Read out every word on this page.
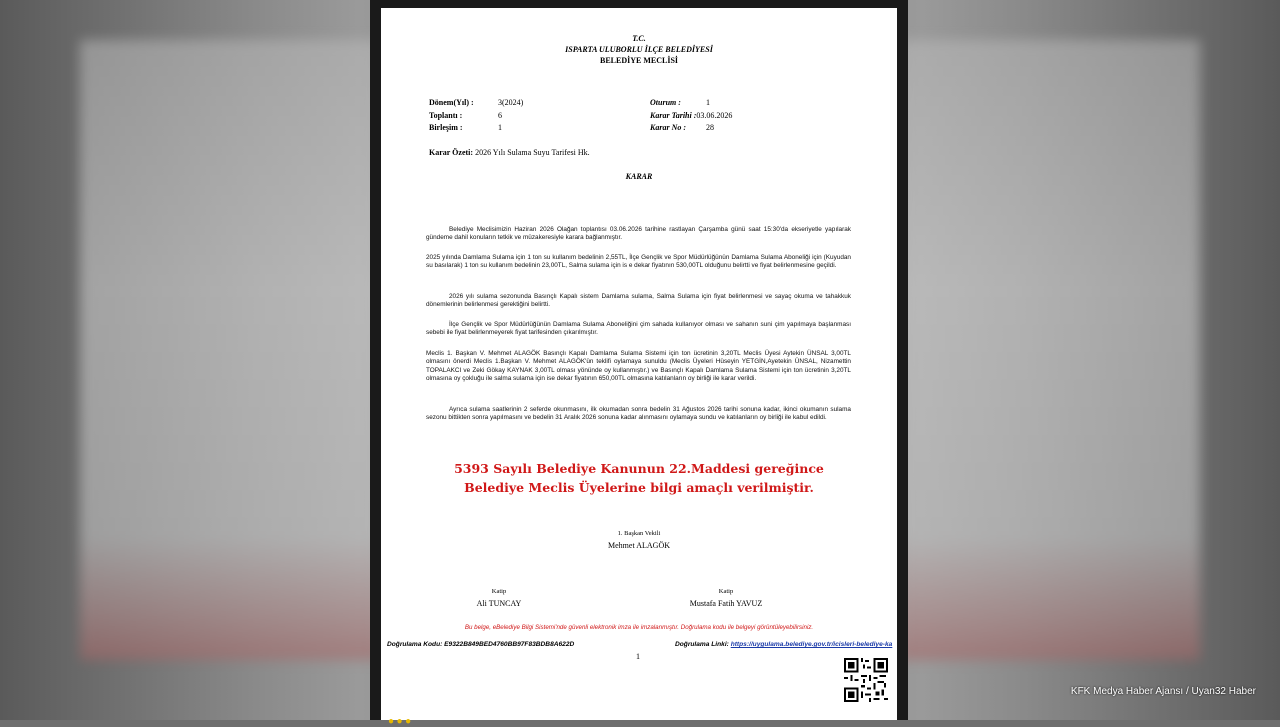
T.C.
ISPARTA ULUBORLU İLÇE BELEDİYESİ
BELEDİYE MECLİSİ
Dönem(Yıl) :	3(2024)
Toplantı :	6
Birleşim :	1
Oturum :	1
Karar Tarihi :03.06.2026
Karar No : 28
Karar Özeti: 2026 Yılı Sulama Suyu Tarifesi Hk.
KARAR
Belediye Meclisimizin Haziran 2026 Olağan toplantısı 03.06.2026 tarihine rastlayan Çarşamba günü saat 15:30'da ekseriyetle yapılarak gündeme dahil konuların tetkik ve müzakeresiyle karara bağlanmıştır.
2025 yılında Damlama Sulama için 1 ton su kullanım bedelinin 2,55TL, İlçe Gençlik ve Spor Müdürlüğünün Damlama Sulama Aboneliği için (Kuyudan su basılarak) 1 ton su kullanım bedelinin 23,00TL, Salma sulama için is e dekar fiyatının 530,00TL olduğunu belirtti ve fiyat belirlenmesine geçildi.
2026 yılı sulama sezonunda Basınçlı Kapalı sistem Damlama sulama, Salma Sulama için fiyat belirlenmesi ve sayaç okuma ve tahakkuk dönemlerinin belirlenmesi gerektiğini belirtti.
İlçe Gençlik ve Spor Müdürlüğünün Damlama Sulama Aboneliğini çim sahada kullanıyor olması ve sahanın suni çim yapılmaya başlanması sebebi ile fiyat belirlenmeyerek fiyat tarifesinden çıkarılmıştır.
Meclis 1. Başkan V. Mehmet ALAGÖK Basınçlı Kapalı Damlama Sulama Sistemi için ton ücretinin 3,20TL Meclis Üyesi Aytekin ÜNSAL 3,00TL olmasını önerdi Meclis 1.Başkan V. Mehmet ALAGÖK'ün teklifi oylamaya sunuldu (Meclis Üyeleri Hüseyin YETGİN,Ayetekin ÜNSAL, Nizamettin TOPALAKCI ve Zeki Gökay KAYNAK 3,00TL olması yönünde oy kullanmıştır.) ve Basınçlı Kapalı Damlama Sulama Sistemi için ton ücretinin 3,20TL olmasına oy çokluğu ile salma sulama için ise dekar fiyatının 650,00TL olmasına katılanların oy birliği ile karar verildi.
Ayrıca sulama saatlerinin 2 seferde okunmasını, ilk okumadan sonra bedelin 31 Ağustos 2026 tarihi sonuna kadar, ikinci okumanın sulama sezonu bittikten sonra yapılmasını ve bedelin 31 Aralık 2026 sonuna kadar alınmasını oylamaya sundu ve katılanların oy birliği ile kabul edildi.
5393 Sayılı Belediye Kanunun 22.Maddesi gereğince
Belediye Meclis Üyelerine bilgi amaçlı verilmiştir.
1. Başkan Vekili
Mehmet ALAGÖK
Katip
Ali TUNCAY
Katip
Mustafa Fatih YAVUZ
Bu belge, eBelediye Bilgi Sistemi'nde güvenli elektronik imza ile imzalanmıştır. Doğrulama kodu ile belgeyi görüntüleyebilirsiniz.
Doğrulama Kodu: E9322B849BED4760BB97F83BDB8A622D	Doğrulama Linki: https://uygulama.belediye.gov.tr/icisleri-belediye-ka
1
● ● ●
KFK Medya Haber Ajansı / Uyan32 Haber
